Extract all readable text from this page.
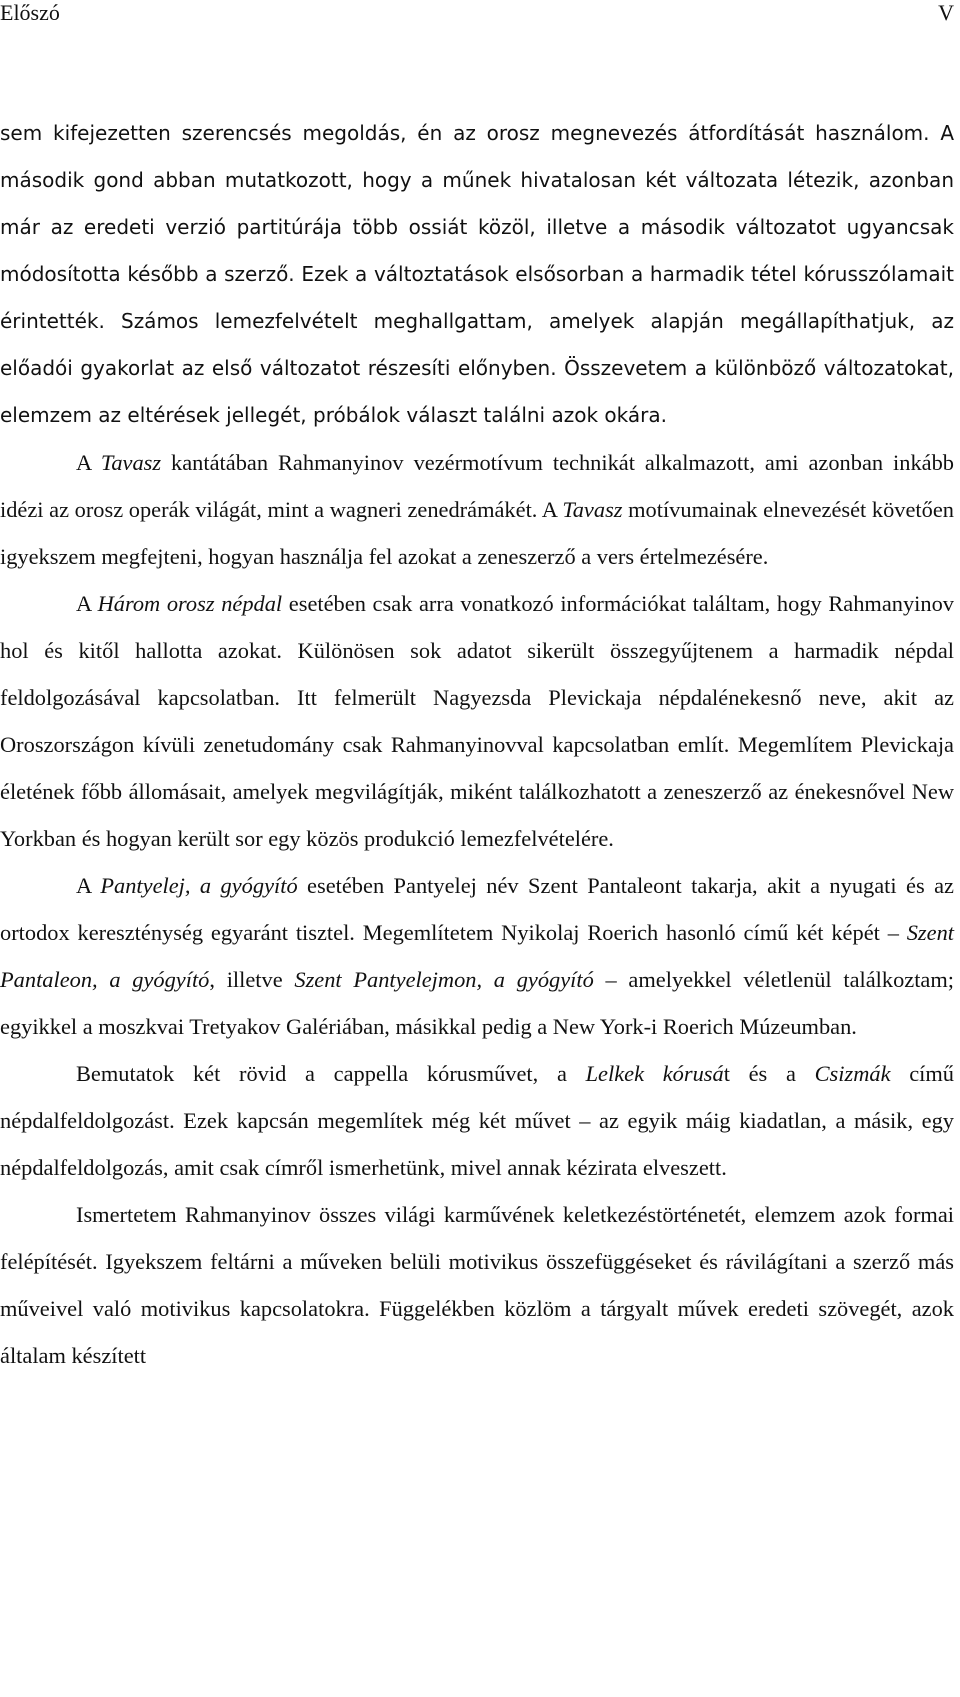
Előszó	V

sem kifejezetten szerencsés megoldás, én az orosz megnevezés átfordítását használom. A második gond abban mutatkozott, hogy a műnek hivatalosan két változata létezik, azonban már az eredeti verzió partitúrája több ossiát közöl, illetve a második változatot ugyancsak módosította később a szerző. Ezek a változtatások elsősorban a harmadik tétel kórusszólamait érintették. Számos lemezfelvételt meghallgattam, amelyek alapján megállapíthatjuk, az előadói gyakorlat az első változatot részesíti előnyben. Összevetem a különböző változatokat, elemzem az eltérések jellegét, próbálok választ találni azok okára.

A Tavasz kantátában Rahmanyinov vezérmotívum technikát alkalmazott, ami azonban inkább idézi az orosz operák világát, mint a wagneri zenedrámákét. A Tavasz motívumainak elnevezését követően igyekszem megfejteni, hogyan használja fel azokat a zeneszerző a vers értelmezésére.

A Három orosz népdal esetében csak arra vonatkozó információkat találtam, hogy Rahmanyinov hol és kitől hallotta azokat. Különösen sok adatot sikerült összegyűjtenem a harmadik népdal feldolgozásával kapcsolatban. Itt felmerült Nagyezsda Plevickaja népdalénekesnő neve, akit az Oroszországon kívüli zenetudomány csak Rahmanyinovval kapcsolatban említ. Megemlítem Plevickaja életének főbb állomásait, amelyek megvilágítják, miként találkozhatott a zeneszerző az énekesnővel New Yorkban és hogyan került sor egy közös produkció lemezfelvételére.

A Pantyelej, a gyógyító esetében Pantyelej név Szent Pantaleont takarja, akit a nyugati és az ortodox kereszténység egyaránt tisztel. Megemlítetem Nyikolaj Roerich hasonló című két képét – Szent Pantaleon, a gyógyító, illetve Szent Pantyelejmon, a gyógyító – amelyekkel véletlenül találkoztam; egyikkel a moszkvai Tretyakov Galériában, másikkal pedig a New York-i Roerich Múzeumban.

Bemutatok két rövid a cappella kórusművet, a Lelkek kórusát és a Csizmák című népdalfeldolgozást. Ezek kapcsán megemlítek még két művet – az egyik máig kiadatlan, a másik, egy népdalfeldolgozás, amit csak címről ismerhetünk, mivel annak kézirata elveszett.

Ismertetem Rahmanyinov összes világi karművének keletkezéstörténetét, elemzem azok formai felépítését. Igyekszem feltárni a műveken belüli motivikus összefüggéseket és rávilágítani a szerző más műveivel való motivikus kapcsolatokra. Függelékben közlöm a tárgyalt művek eredeti szövegét, azok általam készített
